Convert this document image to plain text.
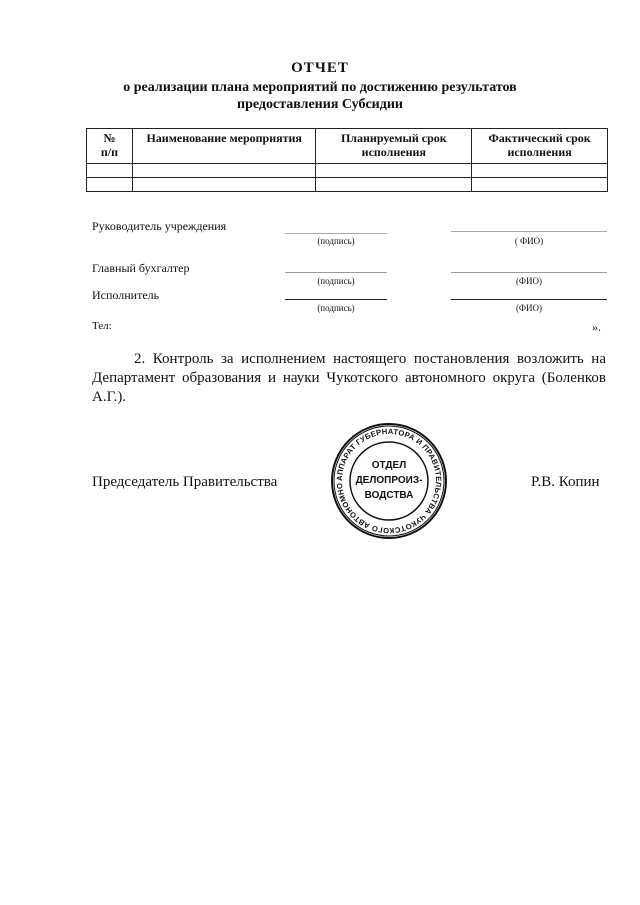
ОТЧЕТ
о реализации плана мероприятий по достижению результатов
предоставления Субсидии
№ п/п	Наименование мероприятия	Планируемый срок исполнения	Фактический срок исполнения

Руководитель учреждения
(подпись)	( ФИО)
Главный бухгалтер
(подпись)	(ФИО)
Исполнитель
(подпись)	(ФИО)
Тел:	».
2. Контроль за исполнением настоящего постановления возложить на Департамент образования и науки Чукотского автономного округа (Боленков А.Г.).
Председатель Правительства	Р.В. Копин
АППАРАТ ГУБЕРНАТОРА И ПРАВИТЕЛЬСТВА ЧУКОТСКОГО АВТОНОМНО
ОТДЕЛ
ДЕЛОПРОИЗ-
ВОДСТВА
